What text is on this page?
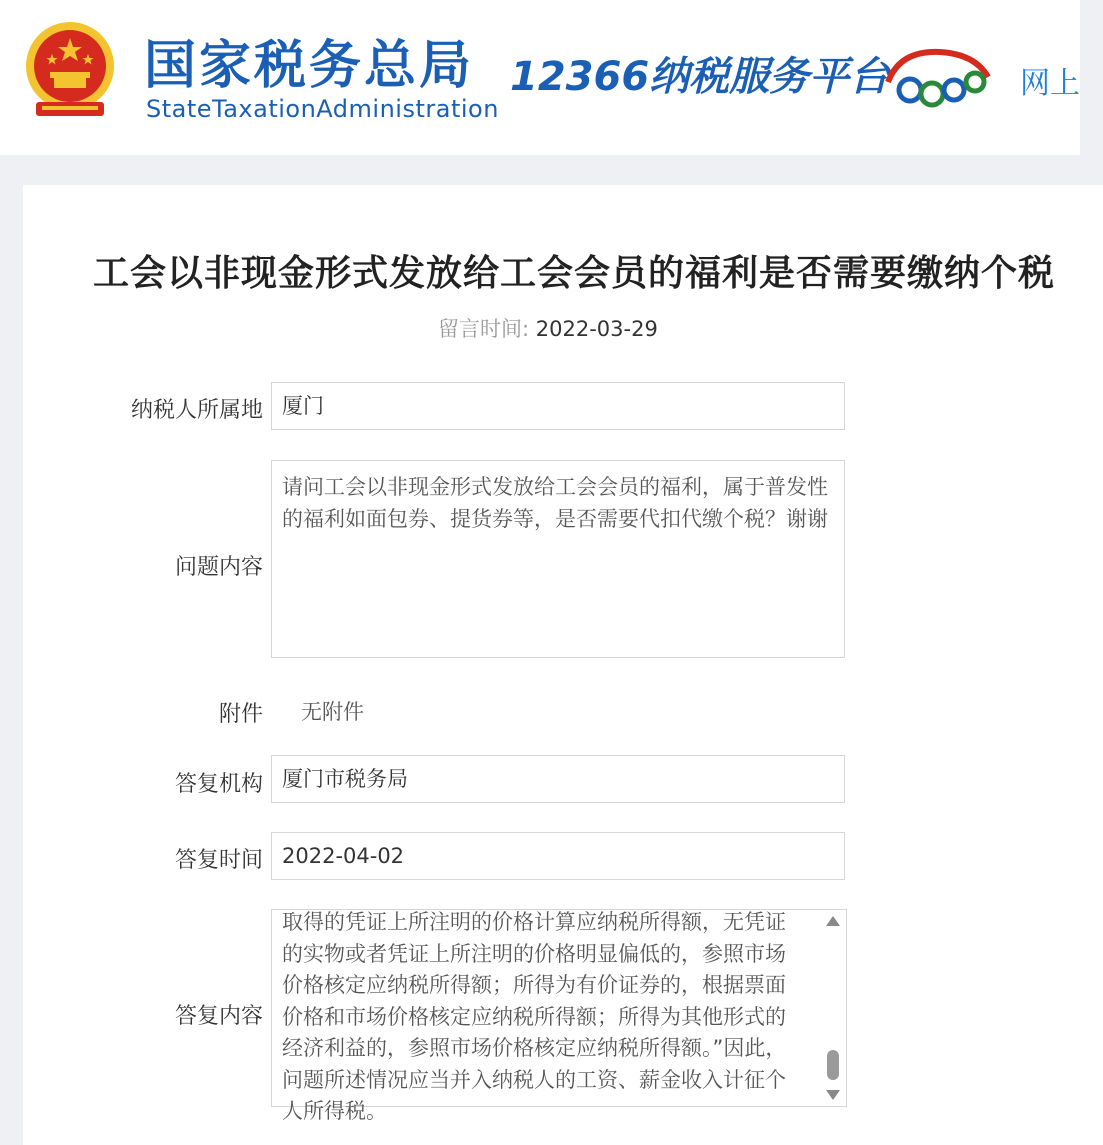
国家税务总局
StateTaxationAdministration
12366纳税服务平台	网上
工会以非现金形式发放给工会会员的福利是否需要缴纳个税
留言时间: 2022-03-29
纳税人所属地 厦门
问题内容
请问工会以非现金形式发放给工会会员的福利，属于普发性的福利如面包券、提货券等，是否需要代扣代缴个税？谢谢
附件 无附件
答复机构 厦门市税务局
答复时间 2022-04-02
答复内容
取得的凭证上所注明的价格计算应纳税所得额，无凭证的实物或者凭证上所注明的价格明显偏低的，参照市场价格核定应纳税所得额；所得为有价证券的，根据票面价格和市场价格核定应纳税所得额；所得为其他形式的经济利益的，参照市场价格核定应纳税所得额。”因此，问题所述情况应当并入纳税人的工资、薪金收入计征个人所得税。
